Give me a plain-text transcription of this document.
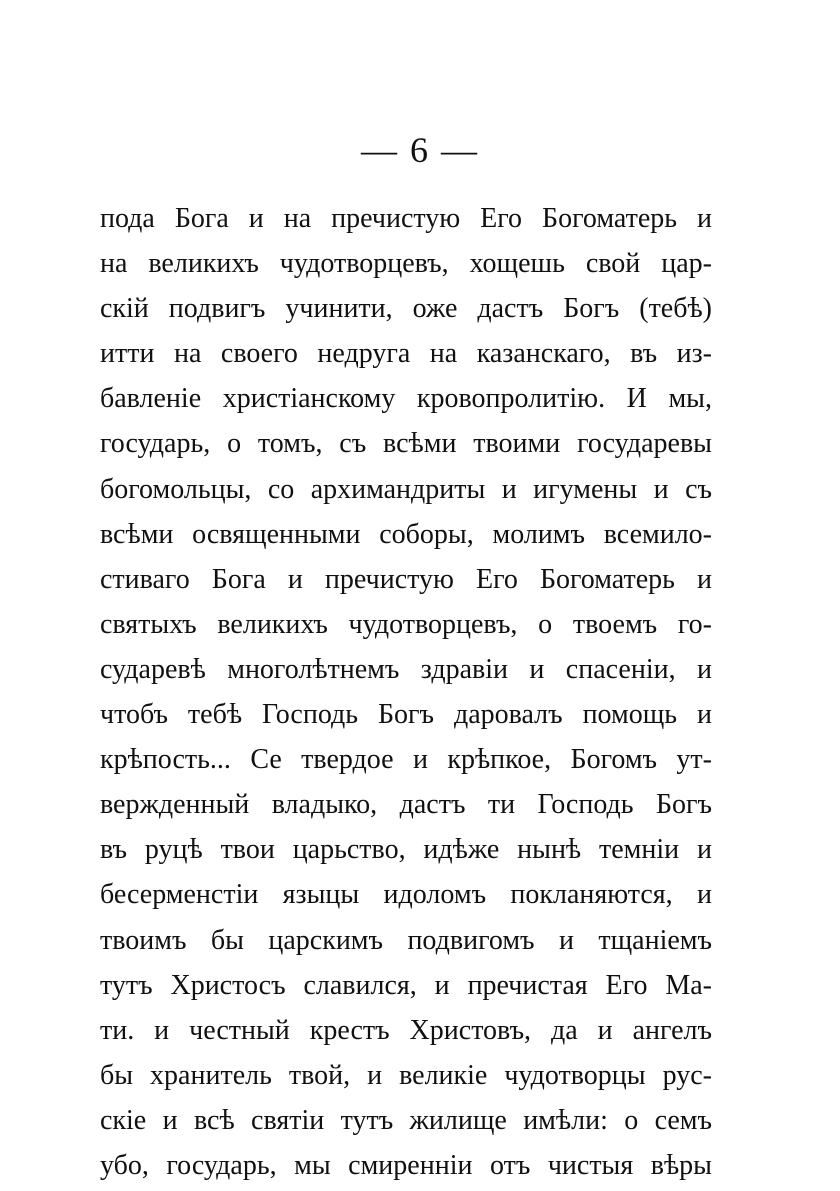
— 6 —
пода Бога и на пречистую Его Богоматерь и
на великихъ чудотворцевъ, хощешь свой цар-
скій подвигъ учинити, оже дастъ Богъ (тебѣ)
итти на своего недруга на казанскаго, въ из-
бавленіе христіанскому кровопролитію. И мы,
государь, о томъ, съ всѣми твоими государевы
богомольцы, со архимандриты и игумены и съ
всѣми освященными соборы, молимъ всемило-
стиваго Бога и пречистую Его Богоматерь и
святыхъ великихъ чудотворцевъ, о твоемъ го-
сударевѣ многолѣтнемъ здравіи и спасеніи, и
чтобъ тебѣ Господь Богъ даровалъ помощь и
крѣпость... Се твердое и крѣпкое, Богомъ ут-
вержденный владыко, дастъ ти Господь Богъ
въ руцѣ твои царьство, идѣже нынѣ темніи и
бесерменстіи языцы идоломъ покланяются, и
твоимъ бы царскимъ подвигомъ и тщаніемъ
тутъ Христосъ славился, и пречистая Его Ма-
ти. и честный крестъ Христовъ, да и ангелъ
бы хранитель твой, и великіе чудотворцы рус-
скіе и всѣ святіи тутъ жилище имѣли: о семъ
убо, государь, мы смиренніи отъ чистыя вѣры
